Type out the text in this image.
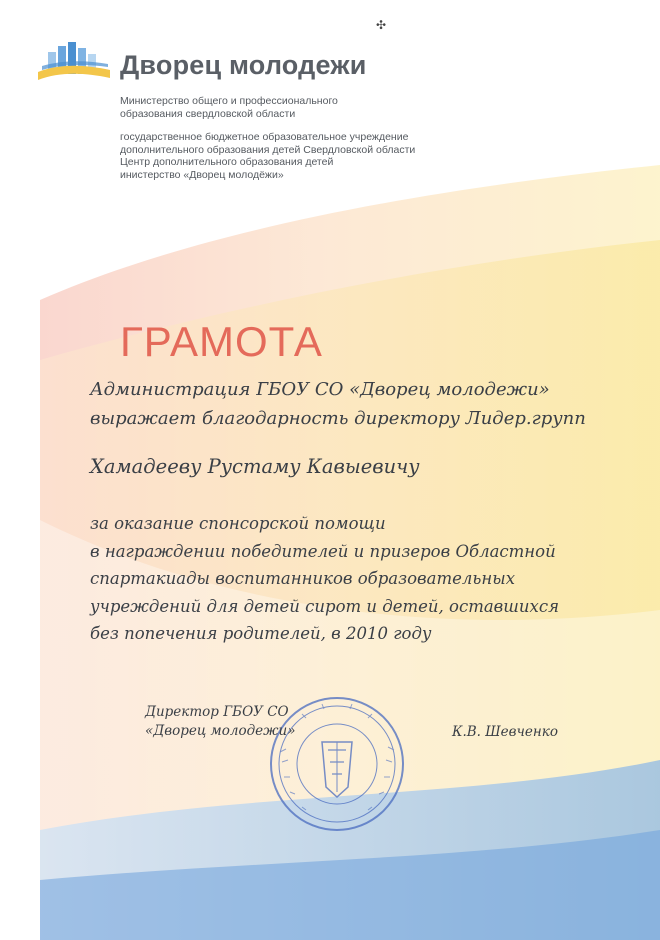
✣
Дворец молодежи
Министерство общего и профессионального
образования свердловской области
государственное бюджетное образовательное учреждение
дополнительного образования детей Свердловской области
Центр дополнительного образования детей
инистерство «Дворец молодёжи»
ГРАМОТА
Администрация ГБОУ СО «Дворец молодежи»
выражает благодарность директору Лидер.групп
Хамадееву Рустаму Кавыевичу
за оказание спонсорской помощи
в награждении победителей и призеров Областной
спартакиады воспитанников образовательных
учреждений для детей сирот и детей, оставшихся
без попечения родителей, в 2010 году
Директор ГБОУ СО
«Дворец молодежи»	К.В. Шевченко
